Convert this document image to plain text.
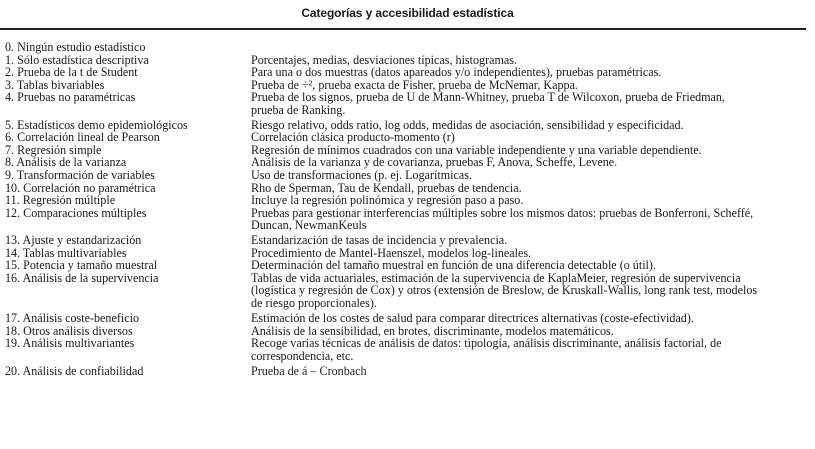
Categorías y accesibilidad estadística
0. Ningún estudio estadístico
1. Sólo estadística descriptiva	Porcentajes, medias, desviaciones típicas, histogramas.
2. Prueba de la t de Student	Para una o dos muestras (datos apareados y/o independientes), pruebas paramétricas.
3. Tablas bivariables	Prueba de ÷², prueba exacta de Fisher, prueba de McNemar, Kappa.
4. Pruebas no paramétricas	Prueba de los signos, prueba de U de Mann-Whitney, prueba T de Wilcoxon, prueba de Friedman,
prueba de Ranking.
5. Estadísticos demo epidemiológicos	Riesgo relativo, odds ratio, log odds, medidas de asociación, sensibilidad y especificidad.
6. Correlación lineal de Pearson	Correlación clásica producto-momento (r)
7. Regresión simple	Regresión de mínimos cuadrados con una variable independiente y una variable dependiente.
8. Análisis de la varianza	Análisis de la varianza y de covarianza, pruebas F, Anova, Scheffe, Levene.
9. Transformación de variables	Uso de transformaciones (p. ej. Logarítmicas.
10. Correlación no paramétrica	Rho de Sperman, Tau de Kendall, pruebas de tendencia.
11. Regresión múltiple	Incluye la regresión polinómica y regresión paso a paso.
12. Comparaciones múltiples	Pruebas para gestionar interferencias múltiples sobre los mismos datos: pruebas de Bonferroni, Scheffé,
Duncan, NewmanKeuls
13. Ajuste y estandarización	Estandarización de tasas de incidencia y prevalencia.
14. Tablas multivariables	Procedimiento de Mantel-Haenszel, modelos log-lineales.
15. Potencia y tamaño muestral	Determinación del tamaño muestral en función de una diferencia detectable (o útil).
16. Análisis de la supervivencia	Tablas de vida actuariales, estimación de la supervivencia de KaplaMeier, regresión de supervivencia
(logística y regresión de Cox) y otros (extensión de Breslow, de Kruskall-Wallis, long rank test, modelos
de riesgo proporcionales).
17. Análisis coste-beneficio	Estimación de los costes de salud para comparar directrices alternativas (coste-efectividad).
18. Otros análisis diversos	Análisis de la sensibilidad, en brotes, discriminante, modelos matemáticos.
19. Análisis multivariantes	Recoge varias técnicas de análisis de datos: tipología, análisis discriminante, análisis factorial, de
correspondencia, etc.
20. Análisis de confiabilidad	Prueba de á – Cronbach
